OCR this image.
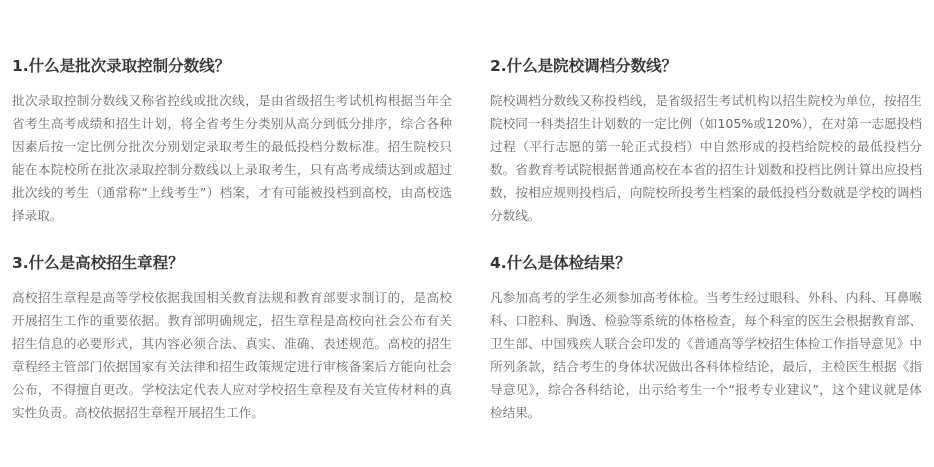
1.什么是批次录取控制分数线？

批次录取控制分数线又称省控线或批次线，是由省级招生考试机构根据当年全省考生高考成绩和招生计划，将全省考生分类别从高分到低分排序，综合各种因素后按一定比例分批次分别划定录取考生的最低投档分数标准。招生院校只能在本院校所在批次录取控制分数线以上录取考生，只有高考成绩达到或超过批次线的考生（通常称“上线考生”）档案，才有可能被投档到高校，由高校选择录取。

2.什么是院校调档分数线？

院校调档分数线又称投档线，是省级招生考试机构以招生院校为单位，按招生院校同一科类招生计划数的一定比例（如105%或120%），在对第一志愿投档过程（平行志愿的第一轮正式投档）中自然形成的投档给院校的最低投档分数。省教育考试院根据普通高校在本省的招生计划数和投档比例计算出应投档数，按相应规则投档后，向院校所投考生档案的最低投档分数就是学校的调档分数线。

3.什么是高校招生章程？

高校招生章程是高等学校依据我国相关教育法规和教育部要求制订的，是高校开展招生工作的重要依据。教育部明确规定，招生章程是高校向社会公布有关招生信息的必要形式，其内容必须合法、真实、准确、表述规范。高校的招生章程经主管部门依据国家有关法律和招生政策规定进行审核备案后方能向社会公布，不得擅自更改。学校法定代表人应对学校招生章程及有关宣传材料的真实性负责。高校依据招生章程开展招生工作。

4.什么是体检结果？

凡参加高考的学生必须参加高考体检。当考生经过眼科、外科、内科、耳鼻喉科、口腔科、胸透、检验等系统的体格检查，每个科室的医生会根据教育部、卫生部、中国残疾人联合会印发的《普通高等学校招生体检工作指导意见》中所列条款，结合考生的身体状况做出各科体检结论，最后，主检医生根据《指导意见》，综合各科结论，出示给考生一个“报考专业建议”，这个建议就是体检结果。
